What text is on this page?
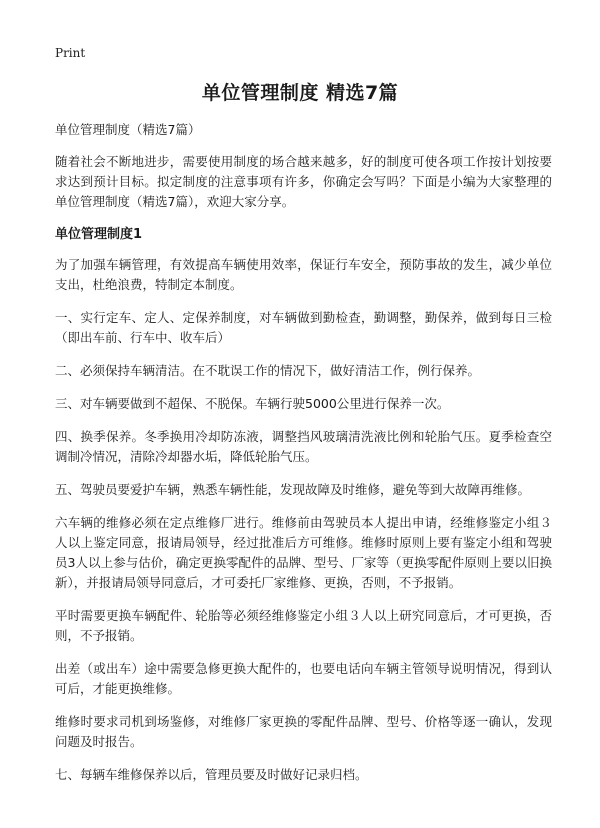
Print
单位管理制度 精选7篇

单位管理制度（精选7篇）

随着社会不断地进步，需要使用制度的场合越来越多，好的制度可使各项工作按计划按要求达到预计目标。拟定制度的注意事项有许多，你确定会写吗？下面是小编为大家整理的单位管理制度（精选7篇），欢迎大家分享。

单位管理制度1

为了加强车辆管理，有效提高车辆使用效率，保证行车安全，预防事故的发生，减少单位支出，杜绝浪费，特制定本制度。

一、实行定车、定人、定保养制度，对车辆做到勤检查，勤调整，勤保养，做到每日三检（即出车前、行车中、收车后）

二、必须保持车辆清洁。在不耽误工作的情况下，做好清洁工作，例行保养。

三、对车辆要做到不超保、不脱保。车辆行驶5000公里进行保养一次。

四、换季保养。冬季换用冷却防冻液，调整挡风玻璃清洗液比例和轮胎气压。夏季检查空调制冷情况，清除冷却器水垢，降低轮胎气压。

五、驾驶员要爱护车辆，熟悉车辆性能，发现故障及时维修，避免等到大故障再维修。

六车辆的维修必须在定点维修厂进行。维修前由驾驶员本人提出申请，经维修鉴定小组３人以上鉴定同意，报请局领导，经过批准后方可维修。维修时原则上要有鉴定小组和驾驶员3人以上参与估价，确定更换零配件的品牌、型号、厂家等（更换零配件原则上要以旧换新），并报请局领导同意后，才可委托厂家维修、更换，否则，不予报销。

平时需要更换车辆配件、轮胎等必须经维修鉴定小组３人以上研究同意后，才可更换，否则，不予报销。

出差（或出车）途中需要急修更换大配件的，也要电话向车辆主管领导说明情况，得到认可后，才能更换维修。

维修时要求司机到场鉴修，对维修厂家更换的零配件品牌、型号、价格等逐一确认，发现问题及时报告。

七、每辆车维修保养以后，管理员要及时做好记录归档。
